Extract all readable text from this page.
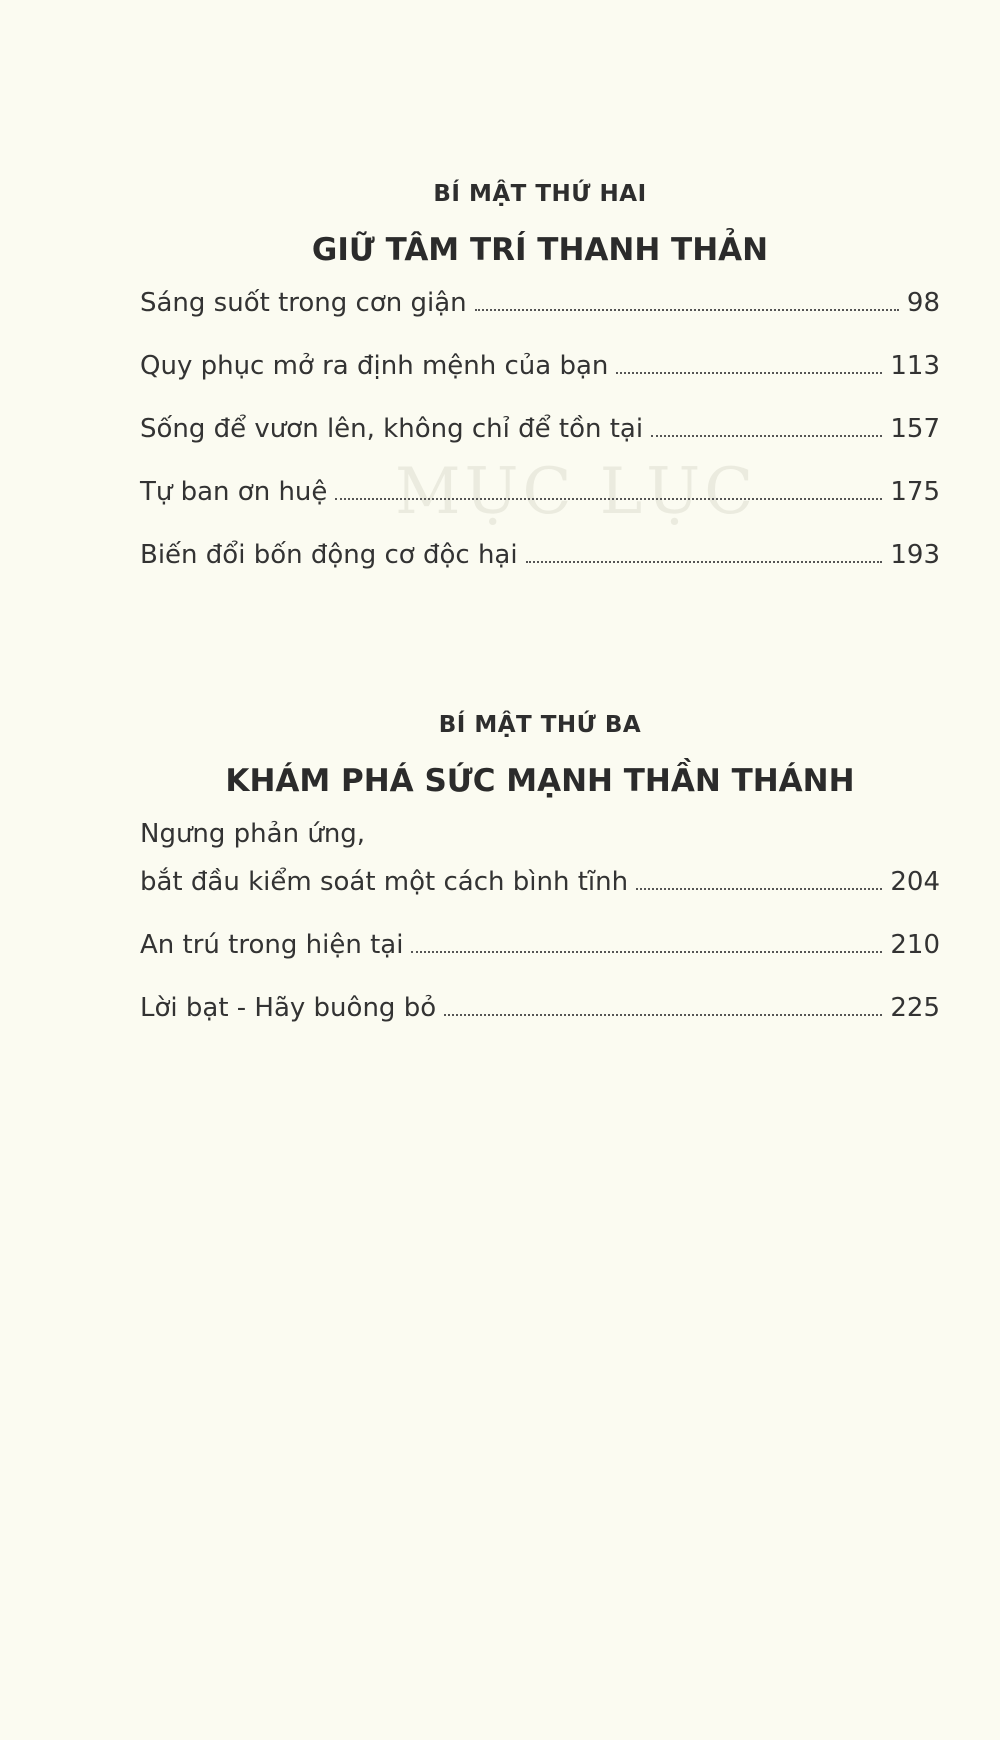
MỤC LỤC
BÍ MẬT THỨ HAI
GIỮ TÂM TRÍ THANH THẢN
Sáng suốt trong cơn giận	98
Quy phục mở ra định mệnh của bạn	113
Sống để vươn lên, không chỉ để tồn tại	157
Tự ban ơn huệ	175
Biến đổi bốn động cơ độc hại	193
BÍ MẬT THỨ BA
KHÁM PHÁ SỨC MẠNH THẦN THÁNH
Ngưng phản ứng,
bắt đầu kiểm soát một cách bình tĩnh	204
An trú trong hiện tại	210
Lời bạt - Hãy buông bỏ	225
